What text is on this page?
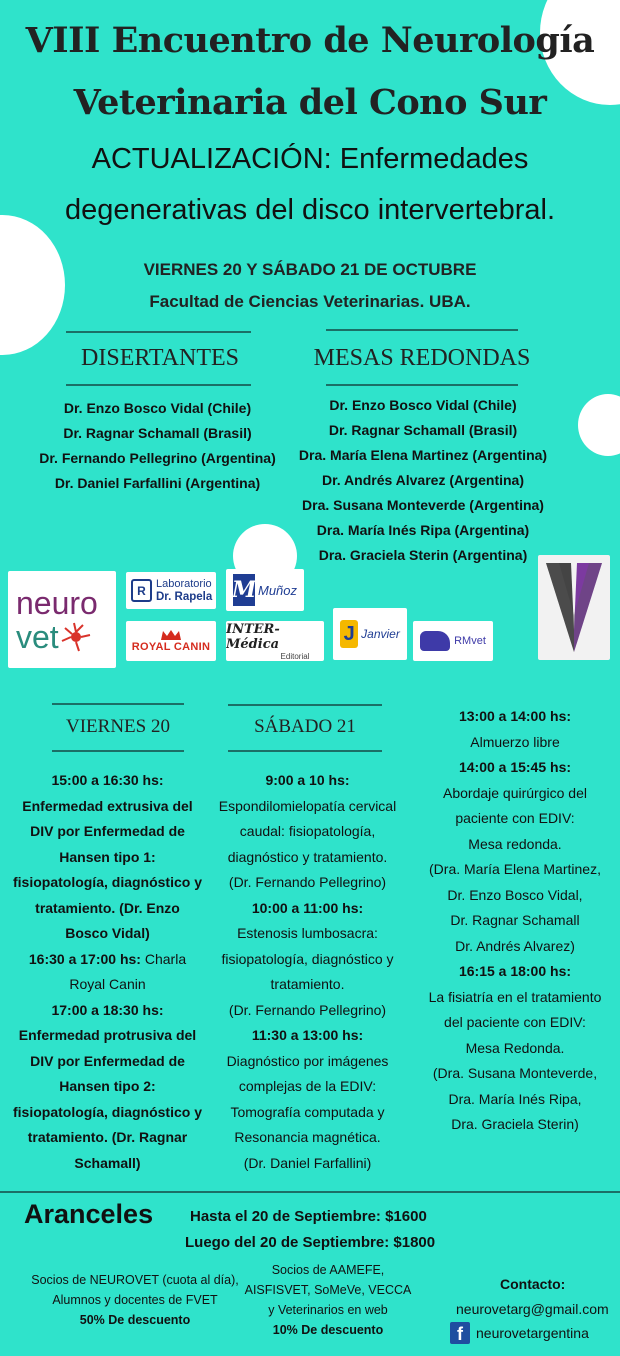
VIII Encuentro de Neurología
Veterinaria del Cono Sur
ACTUALIZACIÓN: Enfermedades
degenerativas del disco intervertebral.
VIERNES 20 Y SÁBADO 21 DE OCTUBRE
Facultad de Ciencias Veterinarias. UBA.
DISERTANTES
Dr. Enzo Bosco Vidal (Chile)
Dr. Ragnar Schamall (Brasil)
Dr. Fernando Pellegrino (Argentina)
Dr. Daniel Farfallini (Argentina)
MESAS REDONDAS
Dr. Enzo Bosco Vidal (Chile)
Dr. Ragnar Schamall (Brasil)
Dra. María Elena Martinez (Argentina)
Dr. Andrés Alvarez (Argentina)
Dra. Susana Monteverde (Argentina)
Dra. María Inés Ripa (Argentina)
Dra. Graciela Sterin (Argentina)
neuro
vet
R Laboratorio
Dr. Rapela M Muñoz
ROYAL CANIN
INTER-Médica
Editorial
J Janvier	RMvet
VIERNES 20	SÁBADO 21
15:00 a 16:30 hs:
Enfermedad extrusiva del
DIV por Enfermedad de
Hansen tipo 1:
fisiopatología, diagnóstico y
tratamiento. (Dr. Enzo
Bosco Vidal)
16:30 a 17:00 hs: Charla
Royal Canin
17:00 a 18:30 hs:
Enfermedad protrusiva del
DIV por Enfermedad de
Hansen tipo 2:
fisiopatología, diagnóstico y
tratamiento. (Dr. Ragnar
Schamall)
9:00 a 10 hs:
Espondilomielopatía cervical
caudal: fisiopatología,
diagnóstico y tratamiento.
(Dr. Fernando Pellegrino)
10:00 a 11:00 hs:
Estenosis lumbosacra:
fisiopatología, diagnóstico y
tratamiento.
(Dr. Fernando Pellegrino)
11:30 a 13:00 hs:
Diagnóstico por imágenes
complejas de la EDIV:
Tomografía computada y
Resonancia magnética.
(Dr. Daniel Farfallini)
13:00 a 14:00 hs:
Almuerzo libre
14:00 a 15:45 hs:
Abordaje quirúrgico del
paciente con EDIV:
Mesa redonda.
(Dra. María Elena Martinez,
Dr. Enzo Bosco Vidal,
Dr. Ragnar Schamall
Dr. Andrés Alvarez)
16:15 a 18:00 hs:
La fisiatría en el tratamiento
del paciente con EDIV:
Mesa Redonda.
(Dra. Susana Monteverde,
Dra. María Inés Ripa,
Dra. Graciela Sterin)
Aranceles Hasta el 20 de Septiembre: $1600
Luego del 20 de Septiembre: $1800
Socios de NEUROVET (cuota al día),
Alumnos y docentes de FVET
50% De descuento
Socios de AAMEFE,
AISFISVET, SoMeVe, VECCA
y Veterinarios en web
10% De descuento
Contacto:
neurovetarg@gmail.com
f neurovetargentina
